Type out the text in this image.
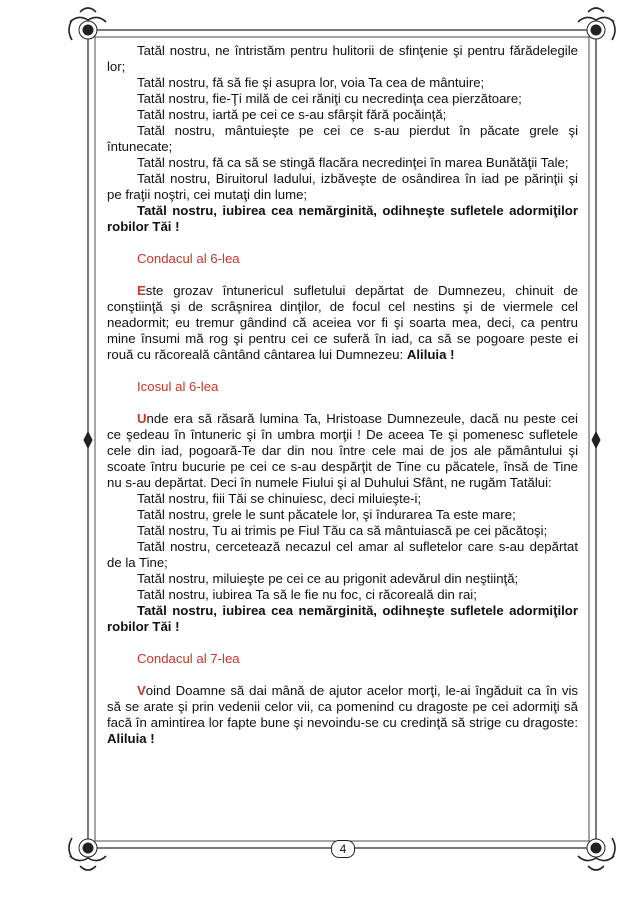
Tatăl nostru, ne întristăm pentru hulitorii de sfinţenie şi pentru fărădelegile lor;

Tatăl nostru, fă să fie şi asupra lor, voia Ta cea de mântuire;

Tatăl nostru, fie-Ţi milă de cei răniţi cu necredinţa cea pierzătoare;

Tatăl nostru, iartă pe cei ce s-au sfârşit fără pocăinţă;

Tatăl nostru, mântuieşte pe cei ce s-au pierdut în păcate grele şi întunecate;

Tatăl nostru, fă ca să se stingă flacăra necredinţei în marea Bunătăţii Tale;

Tatăl nostru, Biruitorul Iadului, izbăveşte de osândirea în iad pe părinţii şi pe fraţii noştri, cei mutaţi din lume;

Tatăl nostru, iubirea cea nemărginită, odihneşte sufletele adormiţilor robilor Tăi !

Condacul al 6-lea

Este grozav întunericul sufletului depărtat de Dumnezeu, chinuit de conştiinţă şi de scrâşnirea dinţilor, de focul cel nestins şi de viermele cel neadormit; eu tremur gândind că aceiea vor fi şi soarta mea, deci, ca pentru mine însumi mă rog şi pentru cei ce suferă în iad, ca să se pogoare peste ei rouă cu răcoreală cântând cântarea lui Dumnezeu: Aliluia !

Icosul al 6-lea

Unde era să răsară lumina Ta, Hristoase Dumnezeule, dacă nu peste cei ce şedeau în întuneric şi în umbra morţii ! De aceea Te şi pomenesc sufletele cele din iad, pogoară-Te dar din nou între cele mai de jos ale pământului şi scoate întru bucurie pe cei ce s-au despărţit de Tine cu păcatele, însă de Tine nu s-au depărtat. Deci în numele Fiului şi al Duhului Sfânt, ne rugăm Tatălui:

Tatăl nostru, fiii Tăi se chinuiesc, deci miluieşte-i;

Tatăl nostru, grele le sunt păcatele lor, şi îndurarea Ta este mare;

Tatăl nostru, Tu ai trimis pe Fiul Tău ca să mântuiască pe cei păcătoşi;

Tatăl nostru, cercetează necazul cel amar al sufletelor care s-au depărtat de la Tine;

Tatăl nostru, miluieşte pe cei ce au prigonit adevărul din neştiinţă;

Tatăl nostru, iubirea Ta să le fie nu foc, ci răcoreală din rai;

Tatăl nostru, iubirea cea nemărginită, odihneşte sufletele adormiţilor robilor Tăi !

Condacul al 7-lea

Voind Doamne să dai mână de ajutor acelor morţi, le-ai îngăduit ca în vis să se arate şi prin vedenii celor vii, ca pomenind cu dragoste pe cei adormiţi să facă în amintirea lor fapte bune şi nevoindu-se cu credinţă să strige cu dragoste: Aliluia !

4
